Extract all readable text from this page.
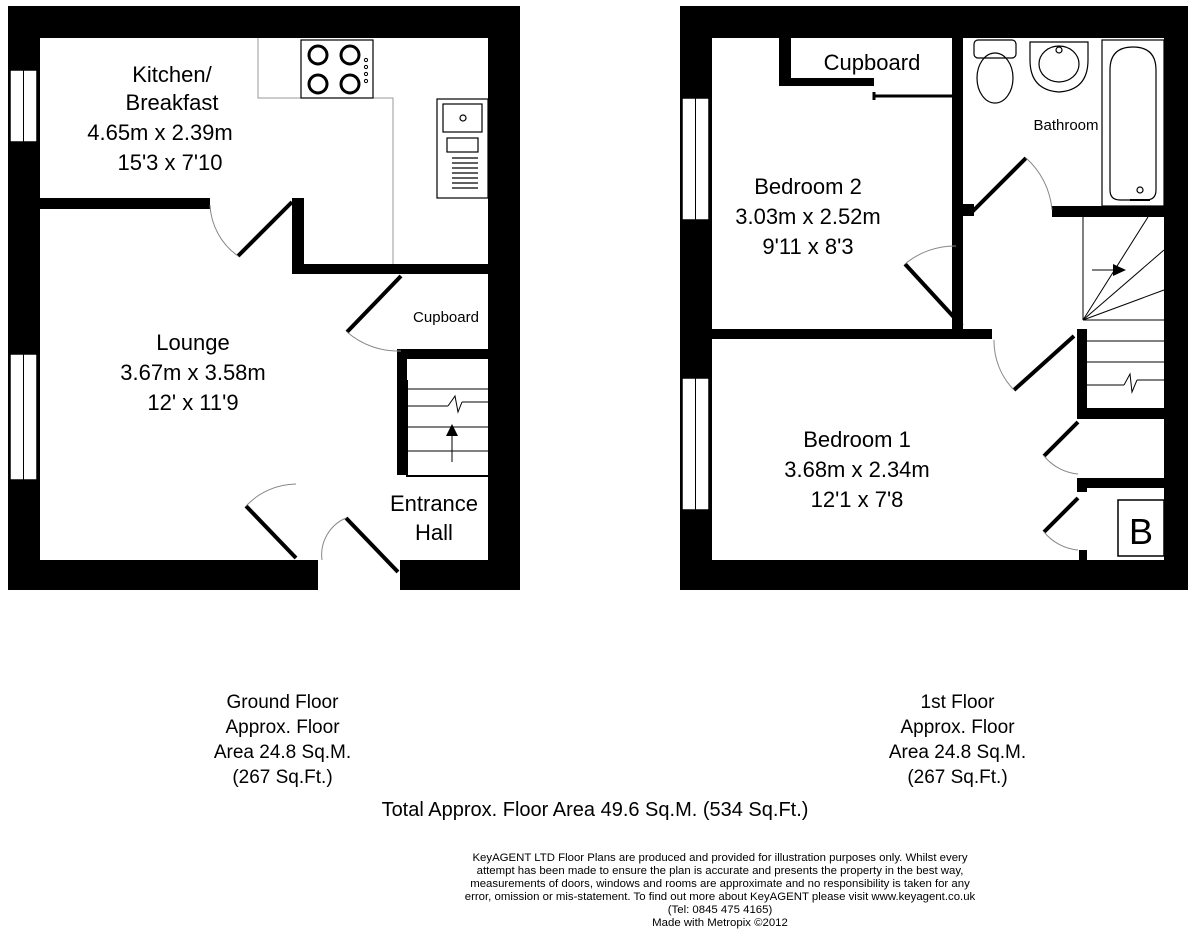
Kitchen/
Breakfast
4.65m x 2.39m
15'3 x 7'10
Lounge
3.67m x 3.58m
12' x 11'9
Cupboard
Entrance
Hall	B
Cupboard
Bathroom
Bedroom 2
3.03m x 2.52m
9'11 x 8'3
Bedroom 1
3.68m x 2.34m
12'1 x 7'8
Ground Floor
Approx. Floor
Area 24.8 Sq.M.
(267 Sq.Ft.)
1st Floor
Approx. Floor
Area 24.8 Sq.M.
(267 Sq.Ft.)
Total Approx. Floor Area 49.6 Sq.M. (534 Sq.Ft.)
KeyAGENT LTD Floor Plans are produced and provided for illustration purposes only. Whilst every
attempt has been made to ensure the plan is accurate and presents the property in the best way,
measurements of doors, windows and rooms are approximate and no responsibility is taken for any
error, omission or mis-statement. To find out more about KeyAGENT please visit www.keyagent.co.uk
(Tel: 0845 475 4165)
Made with Metropix ©2012
